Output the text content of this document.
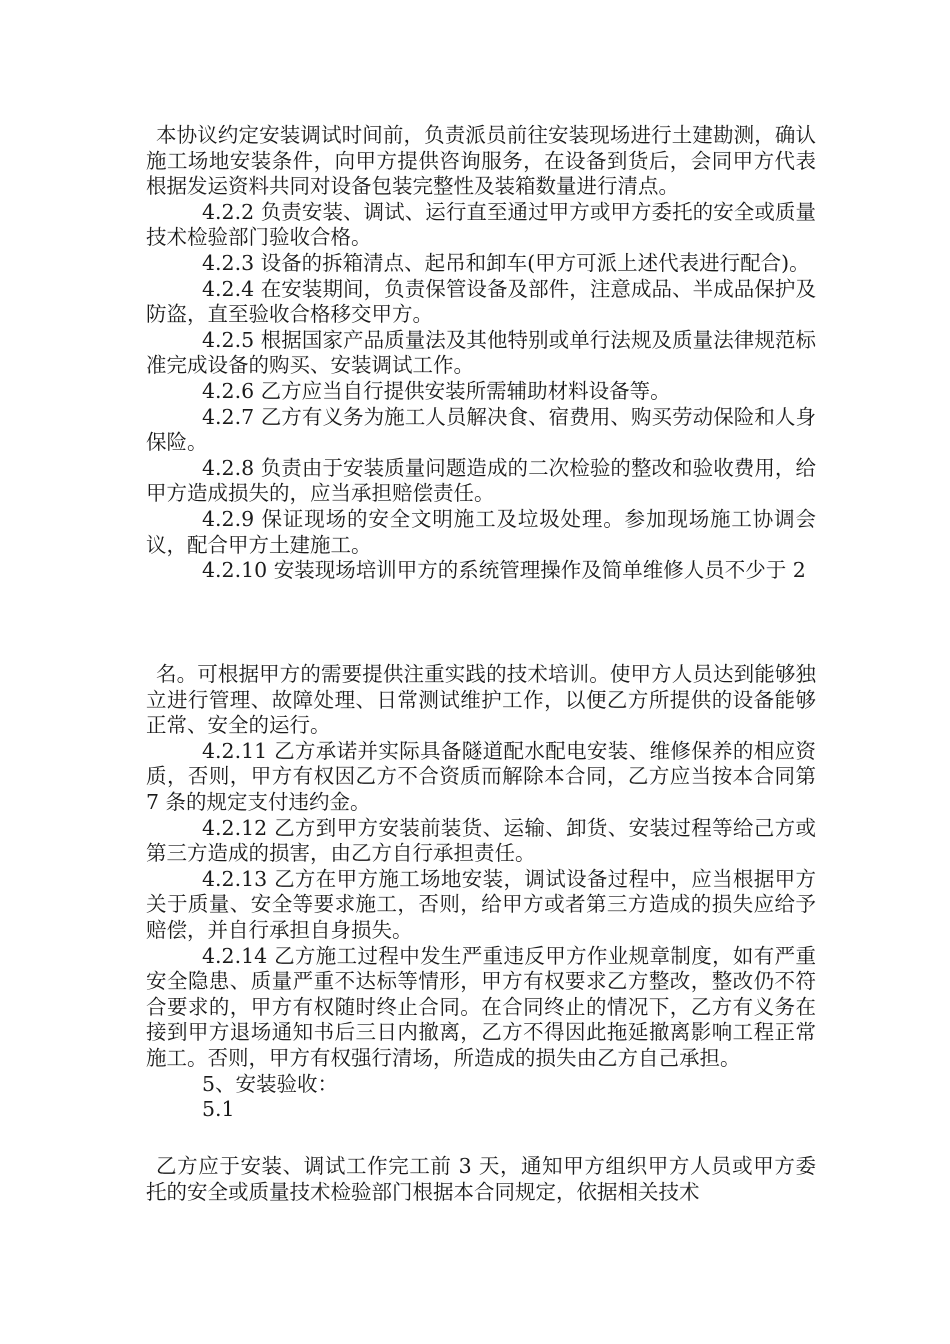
本协议约定安装调试时间前，负责派员前往安装现场进行土建勘测，确认施工场地安装条件，向甲方提供咨询服务，在设备到货后，会同甲方代表根据发运资料共同对设备包装完整性及装箱数量进行清点。

4.2.2 负责安装、调试、运行直至通过甲方或甲方委托的安全或质量技术检验部门验收合格。

4.2.3 设备的拆箱清点、起吊和卸车(甲方可派上述代表进行配合)。

4.2.4 在安装期间，负责保管设备及部件，注意成品、半成品保护及防盗，直至验收合格移交甲方。

4.2.5 根据国家产品质量法及其他特别或单行法规及质量法律规范标准完成设备的购买、安装调试工作。

4.2.6 乙方应当自行提供安装所需辅助材料设备等。

4.2.7 乙方有义务为施工人员解决食、宿费用、购买劳动保险和人身保险。

4.2.8 负责由于安装质量问题造成的二次检验的整改和验收费用，给甲方造成损失的，应当承担赔偿责任。

4.2.9 保证现场的安全文明施工及垃圾处理。参加现场施工协调会议，配合甲方土建施工。

4.2.10 安装现场培训甲方的系统管理操作及简单维修人员不少于 2

名。可根据甲方的需要提供注重实践的技术培训。使甲方人员达到能够独立进行管理、故障处理、日常测试维护工作，以便乙方所提供的设备能够正常、安全的运行。

4.2.11 乙方承诺并实际具备隧道配水配电安装、维修保养的相应资质，否则，甲方有权因乙方不合资质而解除本合同，乙方应当按本合同第 7 条的规定支付违约金。

4.2.12 乙方到甲方安装前装货、运输、卸货、安装过程等给己方或第三方造成的损害，由乙方自行承担责任。

4.2.13 乙方在甲方施工场地安装，调试设备过程中，应当根据甲方关于质量、安全等要求施工，否则，给甲方或者第三方造成的损失应给予赔偿，并自行承担自身损失。

4.2.14 乙方施工过程中发生严重违反甲方作业规章制度，如有严重安全隐患、质量严重不达标等情形，甲方有权要求乙方整改，整改仍不符合要求的，甲方有权随时终止合同。在合同终止的情况下，乙方有义务在接到甲方退场通知书后三日内撤离，乙方不得因此拖延撤离影响工程正常施工。否则，甲方有权强行清场，所造成的损失由乙方自己承担。

5、安装验收：

5.1

乙方应于安装、调试工作完工前 3 天，通知甲方组织甲方人员或甲方委托的安全或质量技术检验部门根据本合同规定，依据相关技术
